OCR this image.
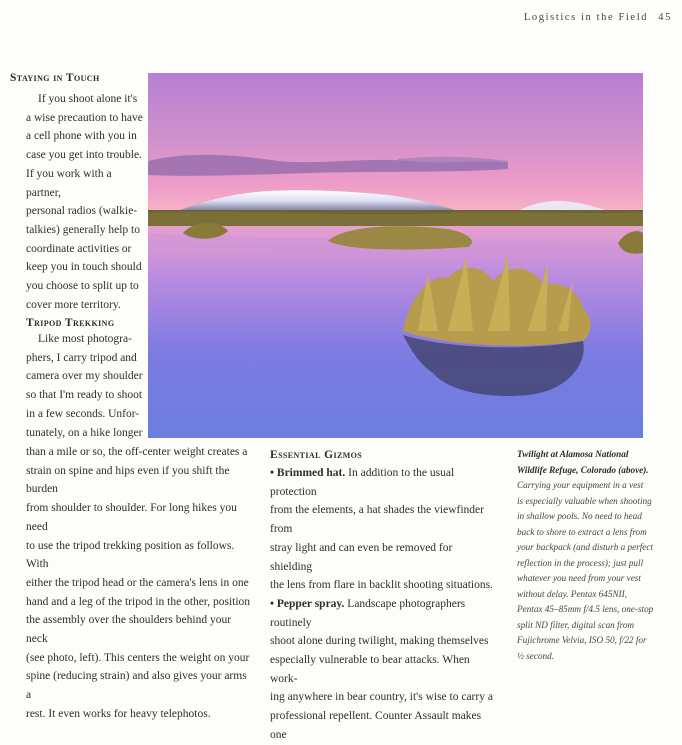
Logistics in the Field 45
Staying in Touch
If you shoot alone it's
a wise precaution to have
a cell phone with you in
case you get into trouble.
If you work with a partner,
personal radios (walkie-
talkies) generally help to
coordinate activities or
keep you in touch should
you choose to split up to
cover more territory.
Tripod Trekking
Like most photogra-
phers, I carry tripod and
camera over my shoulder
so that I'm ready to shoot
in a few seconds. Unfor-
tunately, on a hike longer
than a mile or so, the off-center weight creates a
strain on spine and hips even if you shift the burden
from shoulder to shoulder. For long hikes you need
to use the tripod trekking position as follows. With
either the tripod head or the camera's lens in one
hand and a leg of the tripod in the other, position
the assembly over the shoulders behind your neck
(see photo, left). This centers the weight on your
spine (reducing strain) and also gives your arms a
rest. It even works for heavy telephotos.
Essential Gizmos
• Brimmed hat. In addition to the usual protection
from the elements, a hat shades the viewfinder from
stray light and can even be removed for shielding
the lens from flare in backlit shooting situations.
• Pepper spray. Landscape photographers routinely
shoot alone during twilight, making themselves
especially vulnerable to bear attacks. When work-
ing anywhere in bear country, it's wise to carry a
professional repellent. Counter Assault makes one
Twilight at Alamosa National
Wildlife Refuge, Colorado (above).
Carrying your equipment in a vest
is especially valuable when shooting
in shallow pools. No need to head
back to shore to extract a lens from
your backpack (and disturb a perfect
reflection in the process); just pull
whatever you need from your vest
without delay. Pentax 645NII,
Pentax 45–85mm f/4.5 lens, one-stop
split ND filter, digital scan from
Fujichrome Velvia, ISO 50, f/22 for
½ second.
